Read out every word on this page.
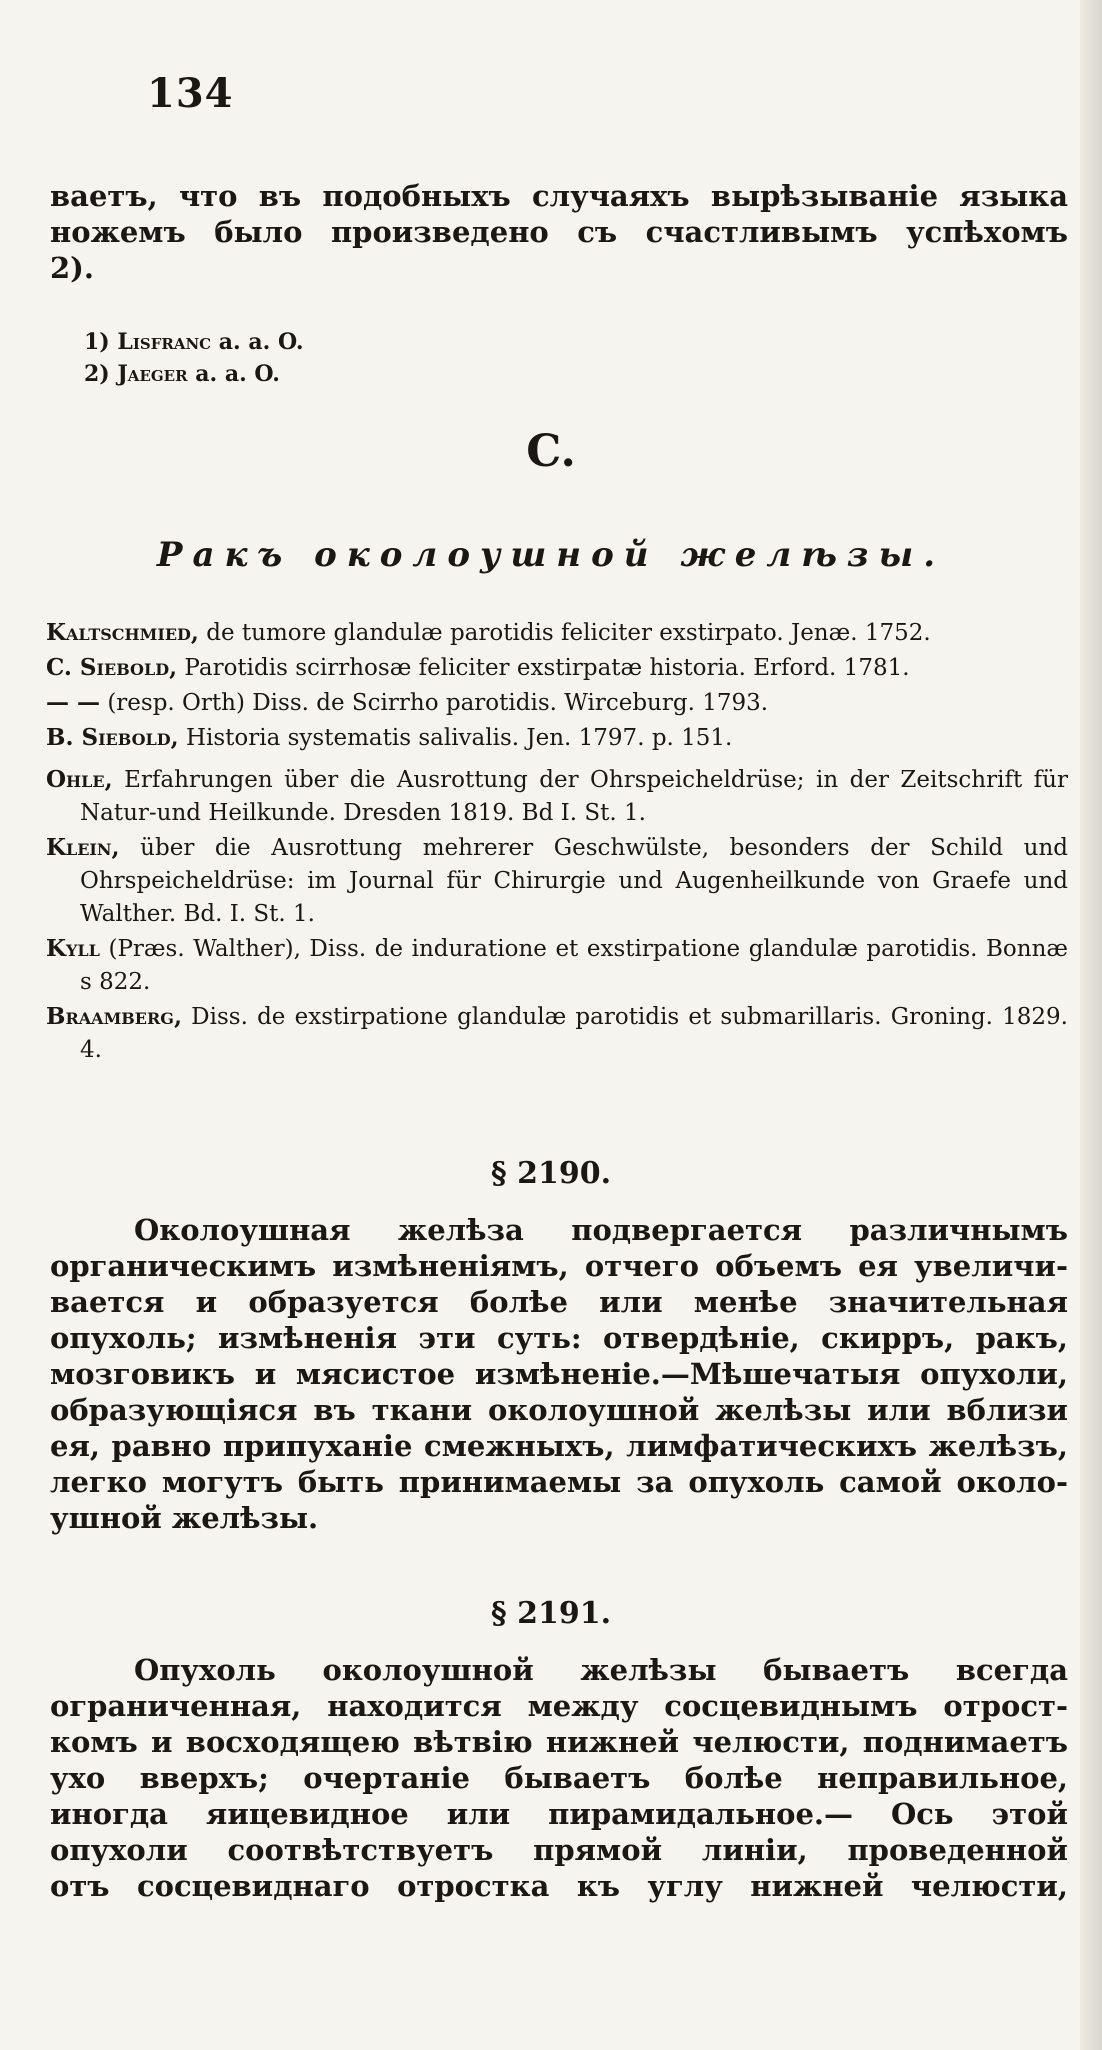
134
ваетъ, что въ подобныхъ случаяхъ вырѣзываніе языка
ножемъ было произведено съ счастливымъ успѣхомъ
2).
1) Lisfranc a. a. O.
2) Jaeger a. a. O.
C.
Ракъ околоушной желѣзы.
Kaltschmied, de tumore glandulæ parotidis feliciter exstirpato. Jenæ. 1752.
C. Siebold, Parotidis scirrhosæ feliciter exstirpatæ historia. Erford. 1781.
— — (resp. Orth) Diss. de Scirrho parotidis. Wirceburg. 1793.
B. Siebold, Historia systematis salivalis. Jen. 1797. p. 151.
Ohle, Erfahrungen über die Ausrottung der Ohrspeicheldrüse; in der Zeitschrift für Natur-und Heilkunde. Dresden 1819. Bd I. St. 1.
Klein, über die Ausrottung mehrerer Geschwülste, besonders der Schild und Ohrspeicheldrüse: im Journal für Chirurgie und Augenheilkunde von Graefe und Walther. Bd. I. St. 1.
Kyll (Præs. Walther), Diss. de induratione et exstirpatione glandulæ parotidis. Bonnæ s 822.
Braamberg, Diss. de exstirpatione glandulæ parotidis et submarillaris. Groning. 1829. 4.
§ 2190.
Околоушная желѣза подвергается различнымъ
органическимъ измѣненіямъ, отчего объемъ ея увеличи-
вается и образуется болѣе или менѣе значительная
опухоль; измѣненія эти суть: отвердѣніе, скирръ, ракъ,
мозговикъ и мясистое измѣненіе.—Мѣшечатыя опухоли,
образующіяся въ ткани околоушной желѣзы или вблизи
ея, равно припуханіе смежныхъ, лимфатическихъ желѣзъ,
легко могутъ быть принимаемы за опухоль самой около-
ушной желѣзы.
§ 2191.
Опухоль околоушной желѣзы бываетъ всегда
ограниченная, находится между сосцевиднымъ отрост-
комъ и восходящею вѣтвію нижней челюсти, поднимаетъ
ухо вверхъ; очертаніе бываетъ болѣе неправильное,
иногда яицевидное или пирамидальное.— Ось этой
опухоли соотвѣтствуетъ прямой линіи, проведенной
отъ сосцевиднаго отростка къ углу нижней челюсти,
